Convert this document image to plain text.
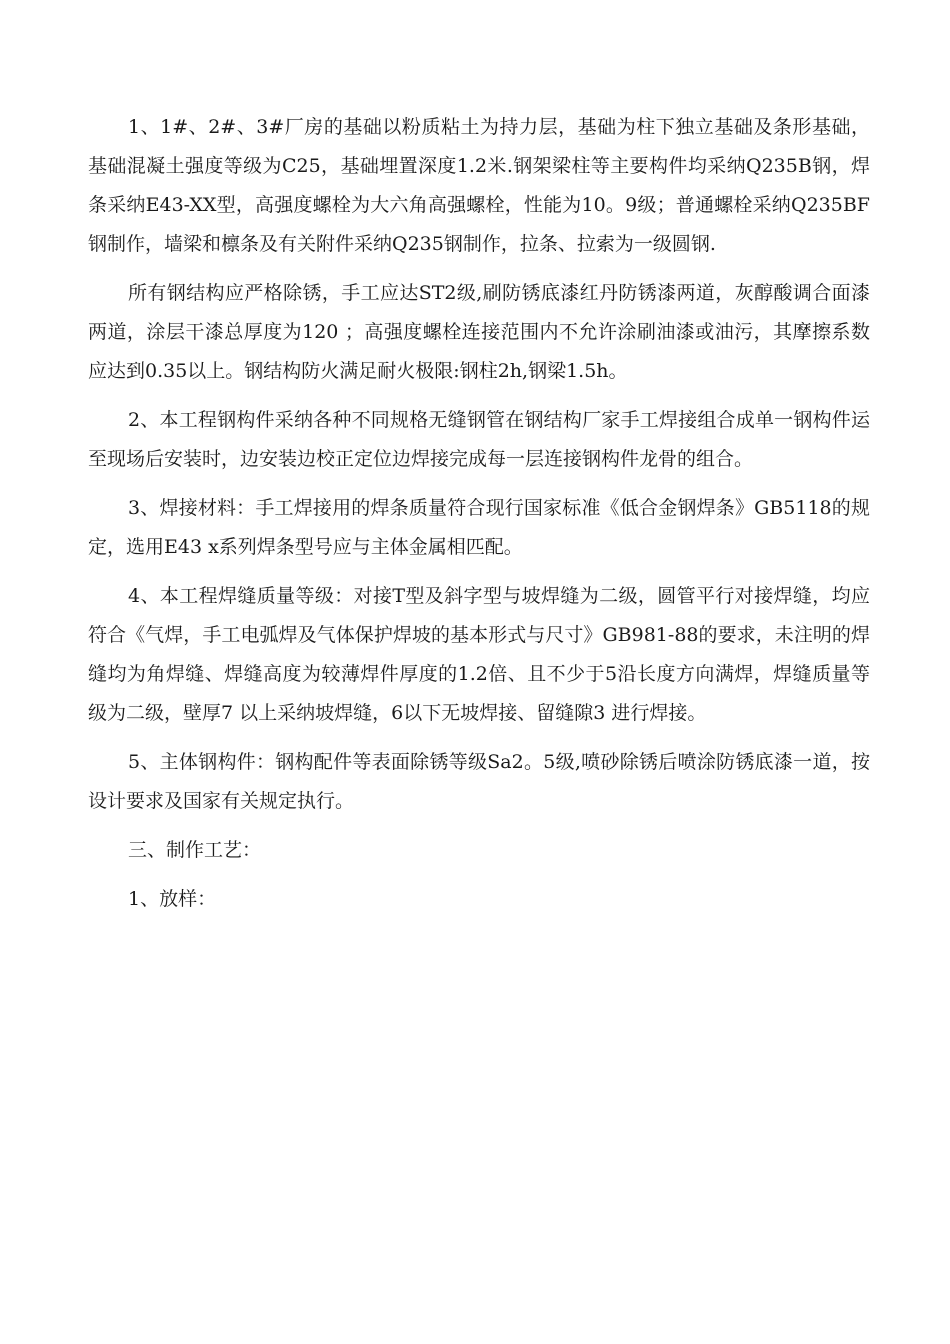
1、1#、2#、3#厂房的基础以粉质粘土为持力层，基础为柱下独立基础及条形基础，基础混凝土强度等级为C25，基础埋置深度1.2米.钢架梁柱等主要构件均采纳Q235B钢，焊条采纳E43-XX型，高强度螺栓为大六角高强螺栓，性能为10。9级；普通螺栓采纳Q235BF钢制作，墙梁和檩条及有关附件采纳Q235钢制作，拉条、拉索为一级圆钢.

所有钢结构应严格除锈，手工应达ST2级,刷防锈底漆红丹防锈漆两道，灰醇酸调合面漆两道，涂层干漆总厚度为120 ；高强度螺栓连接范围内不允许涂刷油漆或油污，其摩擦系数应达到0.35以上。钢结构防火满足耐火极限:钢柱2h,钢梁1.5h。

2、本工程钢构件采纳各种不同规格无缝钢管在钢结构厂家手工焊接组合成单一钢构件运至现场后安装时，边安装边校正定位边焊接完成每一层连接钢构件龙骨的组合。

3、焊接材料：手工焊接用的焊条质量符合现行国家标准《低合金钢焊条》GB5118的规定，选用E43 x系列焊条型号应与主体金属相匹配。

4、本工程焊缝质量等级：对接T型及斜字型与坡焊缝为二级，圆管平行对接焊缝，均应符合《气焊，手工电弧焊及气体保护焊坡的基本形式与尺寸》GB981-88的要求，未注明的焊缝均为角焊缝、焊缝高度为较薄焊件厚度的1.2倍、且不少于5沿长度方向满焊，焊缝质量等级为二级，壁厚7 以上采纳坡焊缝，6以下无坡焊接、留缝隙3 进行焊接。

5、主体钢构件：钢构配件等表面除锈等级Sa2。5级,喷砂除锈后喷涂防锈底漆一道，按设计要求及国家有关规定执行。

三、制作工艺：

1、放样：
